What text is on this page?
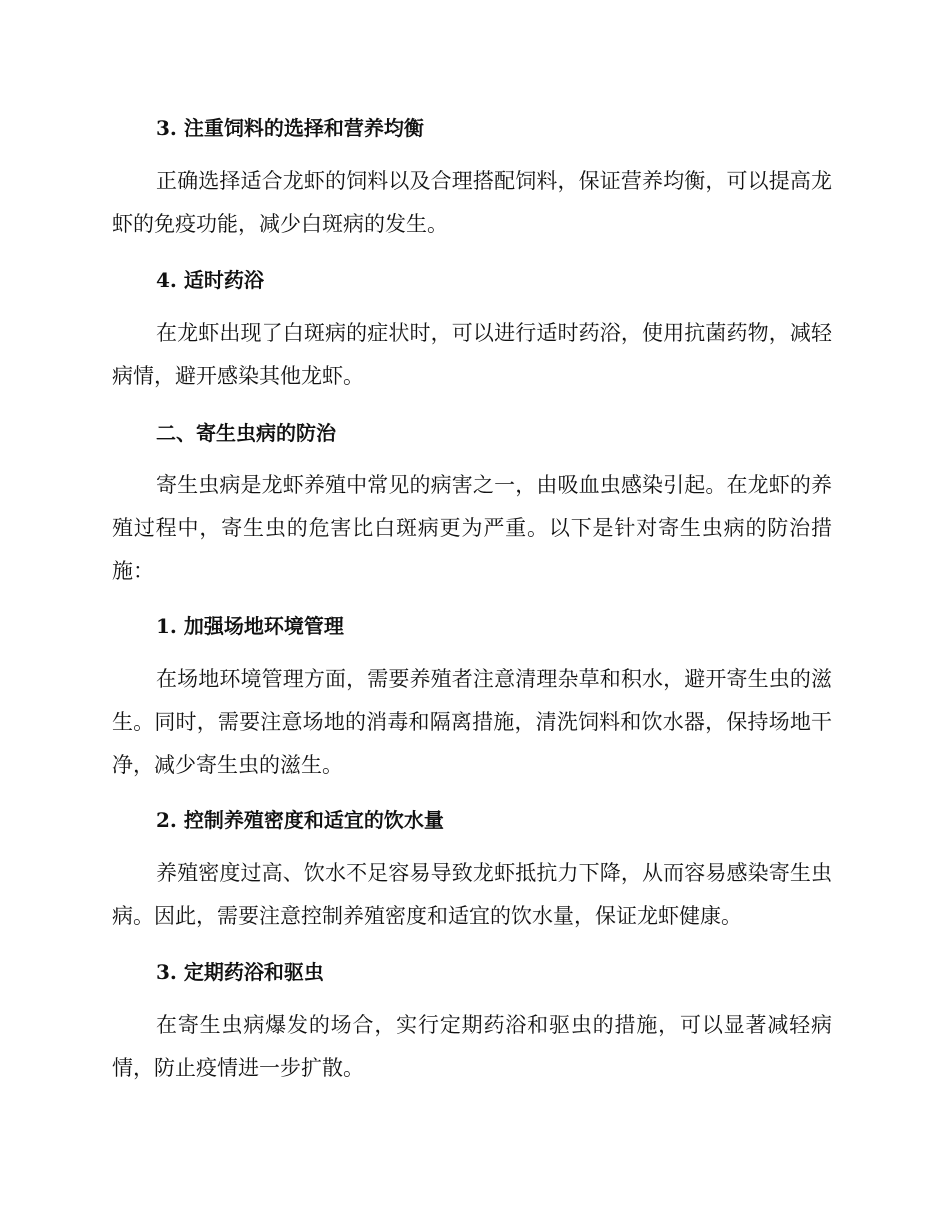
3. 注重饲料的选择和营养均衡

正确选择适合龙虾的饲料以及合理搭配饲料，保证营养均衡，可以提高龙虾的免疫功能，减少白斑病的发生。

4. 适时药浴

在龙虾出现了白斑病的症状时，可以进行适时药浴，使用抗菌药物，减轻病情，避开感染其他龙虾。

二、寄生虫病的防治

寄生虫病是龙虾养殖中常见的病害之一，由吸血虫感染引起。在龙虾的养殖过程中，寄生虫的危害比白斑病更为严重。以下是针对寄生虫病的防治措施：

1. 加强场地环境管理

在场地环境管理方面，需要养殖者注意清理杂草和积水，避开寄生虫的滋生。同时，需要注意场地的消毒和隔离措施，清洗饲料和饮水器，保持场地干净，减少寄生虫的滋生。

2. 控制养殖密度和适宜的饮水量

养殖密度过高、饮水不足容易导致龙虾抵抗力下降，从而容易感染寄生虫病。因此，需要注意控制养殖密度和适宜的饮水量，保证龙虾健康。

3. 定期药浴和驱虫

在寄生虫病爆发的场合，实行定期药浴和驱虫的措施，可以显著减轻病情，防止疫情进一步扩散。
